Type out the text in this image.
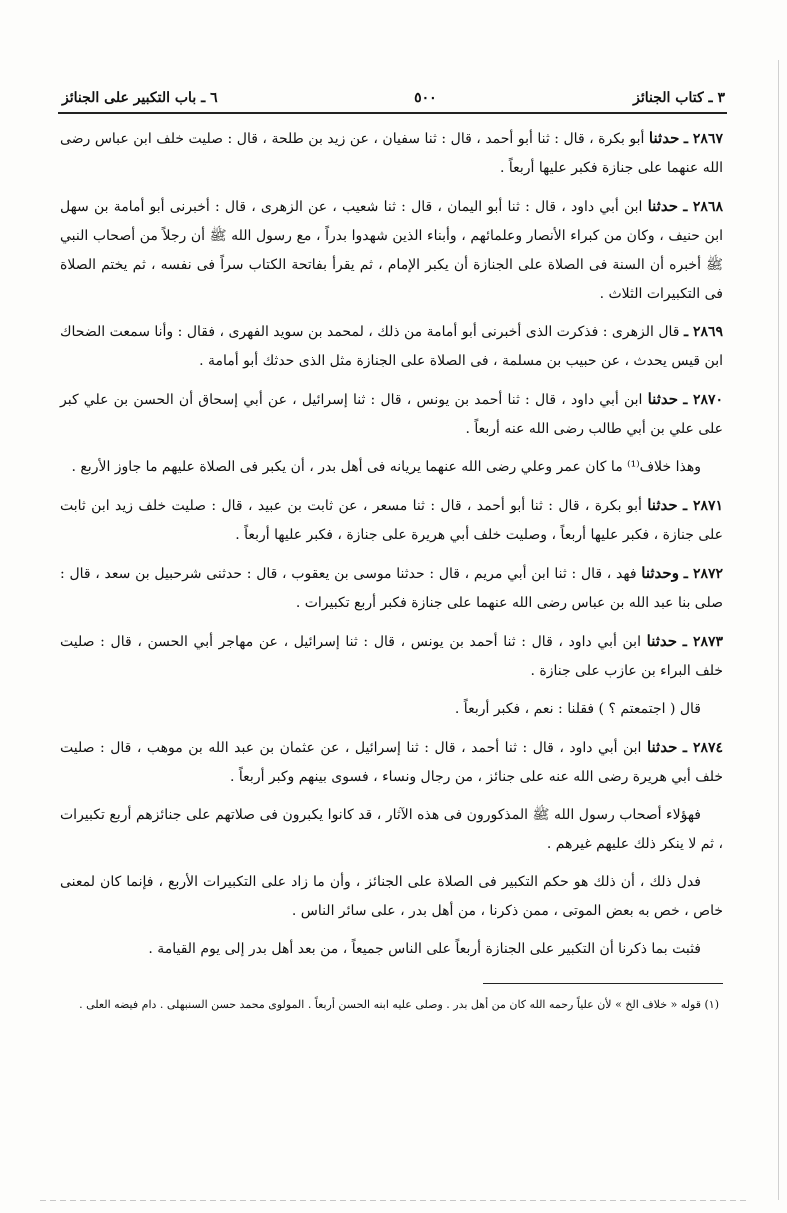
٣ ـ كتاب الجنائز
٥٠٠
٦ ـ باب التكبير على الجنائز

٢٨٦٧ ـ حدثنا أبو بكرة ، قال : ثنا أبو أحمد ، قال : ثنا سفيان ، عن زيد بن طلحة ، قال : صليت خلف ابن عباس رضى الله عنهما على جنازة فكبر عليها أربعاً .

٢٨٦٨ ـ حدثنا ابن أبي داود ، قال : ثنا أبو اليمان ، قال : ثنا شعيب ، عن الزهرى ، قال : أخبرنى أبو أمامة بن سهل ابن حنيف ، وكان من كبراء الأنصار وعلمائهم ، وأبناء الذين شهدوا بدراً ، مع رسول الله ﷺ أن رجلاً من أصحاب النبي ﷺ أخبره أن السنة فى الصلاة على الجنازة أن يكبر الإمام ، ثم يقرأ بفاتحة الكتاب سراً فى نفسه ، ثم يختم الصلاة فى التكبيرات الثلاث .

٢٨٦٩ ـ قال الزهرى : فذكرت الذى أخبرنى أبو أمامة من ذلك ، لمحمد بن سويد الفهرى ، فقال : وأنا سمعت الضحاك ابن قيس يحدث ، عن حبيب بن مسلمة ، فى الصلاة على الجنازة مثل الذى حدثك أبو أمامة .

٢٨٧٠ ـ حدثنا ابن أبي داود ، قال : ثنا أحمد بن يونس ، قال : ثنا إسرائيل ، عن أبي إسحاق أن الحسن بن علي كبر على علي بن أبي طالب رضى الله عنه أربعاً .

وهذا خلاف⁽¹⁾ ما كان عمر وعلي رضى الله عنهما يريانه فى أهل بدر ، أن يكبر فى الصلاة عليهم ما جاوز الأربع .

٢٨٧١ ـ حدثنا أبو بكرة ، قال : ثنا أبو أحمد ، قال : ثنا مسعر ، عن ثابت بن عبيد ، قال : صليت خلف زيد ابن ثابت على جنازة ، فكبر عليها أربعاً ، وصليت خلف أبي هريرة على جنازة ، فكبر عليها أربعاً .

٢٨٧٢ ـ وحدثنا فهد ، قال : ثنا ابن أبي مريم ، قال : حدثنا موسى بن يعقوب ، قال : حدثنى شرحبيل بن سعد ، قال : صلى بنا عبد الله بن عباس رضى الله عنهما على جنازة فكبر أربع تكبيرات .

٢٨٧٣ ـ حدثنا ابن أبي داود ، قال : ثنا أحمد بن يونس ، قال : ثنا إسرائيل ، عن مهاجر أبي الحسن ، قال : صليت خلف البراء بن عازب على جنازة .

قال ( اجتمعتم ؟ ) فقلنا : نعم ، فكبر أربعاً .

٢٨٧٤ ـ حدثنا ابن أبي داود ، قال : ثنا أحمد ، قال : ثنا إسرائيل ، عن عثمان بن عبد الله بن موهب ، قال : صليت خلف أبي هريرة رضى الله عنه على جنائز ، من رجال ونساء ، فسوى بينهم وكبر أربعاً .

فهؤلاء أصحاب رسول الله ﷺ المذكورون فى هذه الآثار ، قد كانوا يكبرون فى صلاتهم على جنائزهم أربع تكبيرات ، ثم لا ينكر ذلك عليهم غيرهم .

فدل ذلك ، أن ذلك هو حكم التكبير فى الصلاة على الجنائز ، وأن ما زاد على التكبيرات الأربع ، فإنما كان لمعنى خاص ، خص به بعض الموتى ، ممن ذكرنا ، من أهل بدر ، على سائر الناس .

فثبت بما ذكرنا أن التكبير على الجنازة أربعاً على الناس جميعاً ، من بعد أهل بدر إلى يوم القيامة .

(١) قوله « خلاف الخ » لأن علياً رحمه الله كان من أهل بدر . وصلى عليه ابنه الحسن أربعاً . المولوى محمد حسن السنبهلى . دام فيضه العلى .
